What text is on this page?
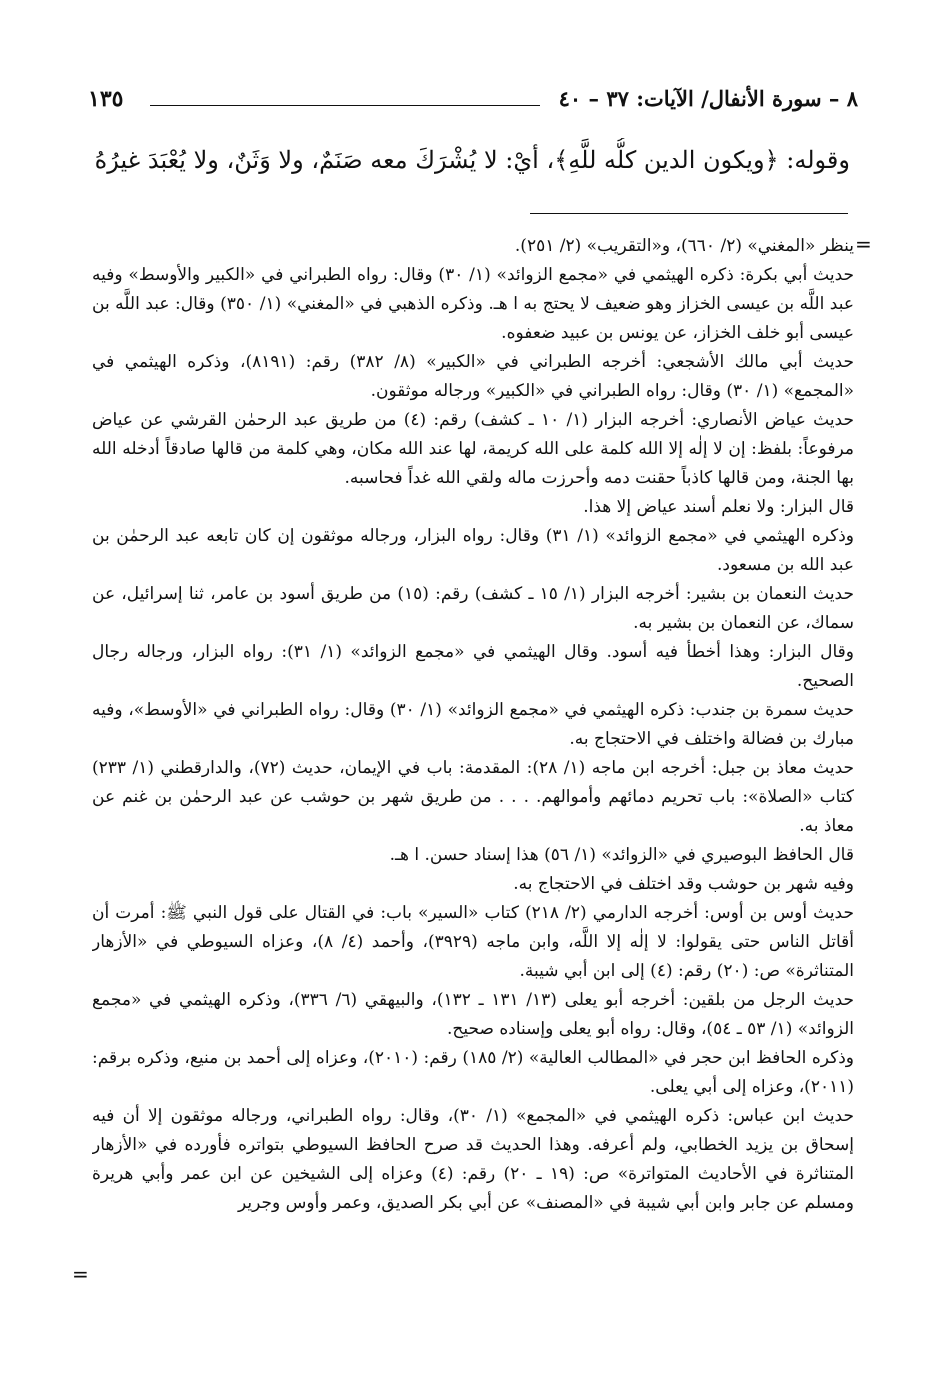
٨ – سورة الأنفال/ الآيات: ٣٧ – ٤٠
١٣٥
وقوله: ﴿ويكون الدين كلُّه للَّهِ﴾، أيْ: لا يُشْرَكَ معه صَنَمٌ، ولا وَثَنٌ، ولا يُعْبَدَ غيرُهُ
=

ينظر «المغني» (٢/ ٦٦٠)، و«التقريب» (٢/ ٢٥١).

حديث أبي بكرة: ذكره الهيثمي في «مجمع الزوائد» (١/ ٣٠) وقال: رواه الطبراني في «الكبير والأوسط» وفيه عبد اللَّه بن عيسى الخزاز وهو ضعيف لا يحتج به ا هـ. وذكره الذهبي في «المغني» (١/ ٣٥٠) وقال: عبد اللَّه بن عيسى أبو خلف الخزاز، عن يونس بن عبيد ضعفوه.

حديث أبي مالك الأشجعي: أخرجه الطبراني في «الكبير» (٨/ ٣٨٢) رقم: (٨١٩١)، وذكره الهيثمي في «المجمع» (١/ ٣٠) وقال: رواه الطبراني في «الكبير» ورجاله موثقون.

حديث عياض الأنصاري: أخرجه البزار (١/ ١٠ ـ كشف) رقم: (٤) من طريق عبد الرحمٰن القرشي عن عياض مرفوعاً: بلفظ: إن لا إلٰه إلا الله كلمة على الله كريمة، لها عند الله مكان، وهي كلمة من قالها صادقاً أدخله الله بها الجنة، ومن قالها كاذباً حقنت دمه وأحرزت ماله ولقي الله غداً فحاسبه.

قال البزار: ولا نعلم أسند عياض إلا هذا.

وذكره الهيثمي في «مجمع الزوائد» (١/ ٣١) وقال: رواه البزار، ورجاله موثقون إن كان تابعه عبد الرحمٰن بن عبد الله بن مسعود.

حديث النعمان بن بشير: أخرجه البزار (١/ ١٥ ـ كشف) رقم: (١٥) من طريق أسود بن عامر، ثنا إسرائيل، عن سماك، عن النعمان بن بشير به.

وقال البزار: وهذا أخطأ فيه أسود. وقال الهيثمي في «مجمع الزوائد» (١/ ٣١): رواه البزار، ورجاله رجال الصحيح.

حديث سمرة بن جندب: ذكره الهيثمي في «مجمع الزوائد» (١/ ٣٠) وقال: رواه الطبراني في «الأوسط»، وفيه مبارك بن فضالة واختلف في الاحتجاج به.

حديث معاذ بن جبل: أخرجه ابن ماجه (١/ ٢٨): المقدمة: باب في الإيمان، حديث (٧٢)، والدارقطني (١/ ٢٣٣) كتاب «الصلاة»: باب تحريم دمائهم وأموالهم. . . . من طريق شهر بن حوشب عن عبد الرحمٰن بن غنم عن معاذ به.

قال الحافظ البوصيري في «الزوائد» (١/ ٥٦) هذا إسناد حسن. ا هـ.

وفيه شهر بن حوشب وقد اختلف في الاحتجاج به.

حديث أوس بن أوس: أخرجه الدارمي (٢/ ٢١٨) كتاب «السير» باب: في القتال على قول النبي ﷺ: أمرت أن أقاتل الناس حتى يقولوا: لا إلٰه إلا اللَّه، وابن ماجه (٣٩٢٩)، وأحمد (٤/ ٨)، وعزاه السيوطي في «الأزهار المتناثرة» ص: (٢٠) رقم: (٤) إلى ابن أبي شيبة.

حديث الرجل من بلقين: أخرجه أبو يعلى (١٣/ ١٣١ ـ ١٣٢)، والبيهقي (٦/ ٣٣٦)، وذكره الهيثمي في «مجمع الزوائد» (١/ ٥٣ ـ ٥٤)، وقال: رواه أبو يعلى وإسناده صحيح.

وذكره الحافظ ابن حجر في «المطالب العالية» (٢/ ١٨٥) رقم: (٢٠١٠)، وعزاه إلى أحمد بن منيع، وذكره برقم: (٢٠١١)، وعزاه إلى أبي يعلى.

حديث ابن عباس: ذكره الهيثمي في «المجمع» (١/ ٣٠)، وقال: رواه الطبراني، ورجاله موثقون إلا أن فيه إسحاق بن يزيد الخطابي، ولم أعرفه. وهذا الحديث قد صرح الحافظ السيوطي بتواتره فأورده في «الأزهار المتناثرة في الأحاديث المتواترة» ص: (١٩ ـ ٢٠) رقم: (٤) وعزاه إلى الشيخين عن ابن عمر وأبي هريرة ومسلم عن جابر وابن أبي شيبة في «المصنف» عن أبي بكر الصديق، وعمر وأوس وجرير

=
